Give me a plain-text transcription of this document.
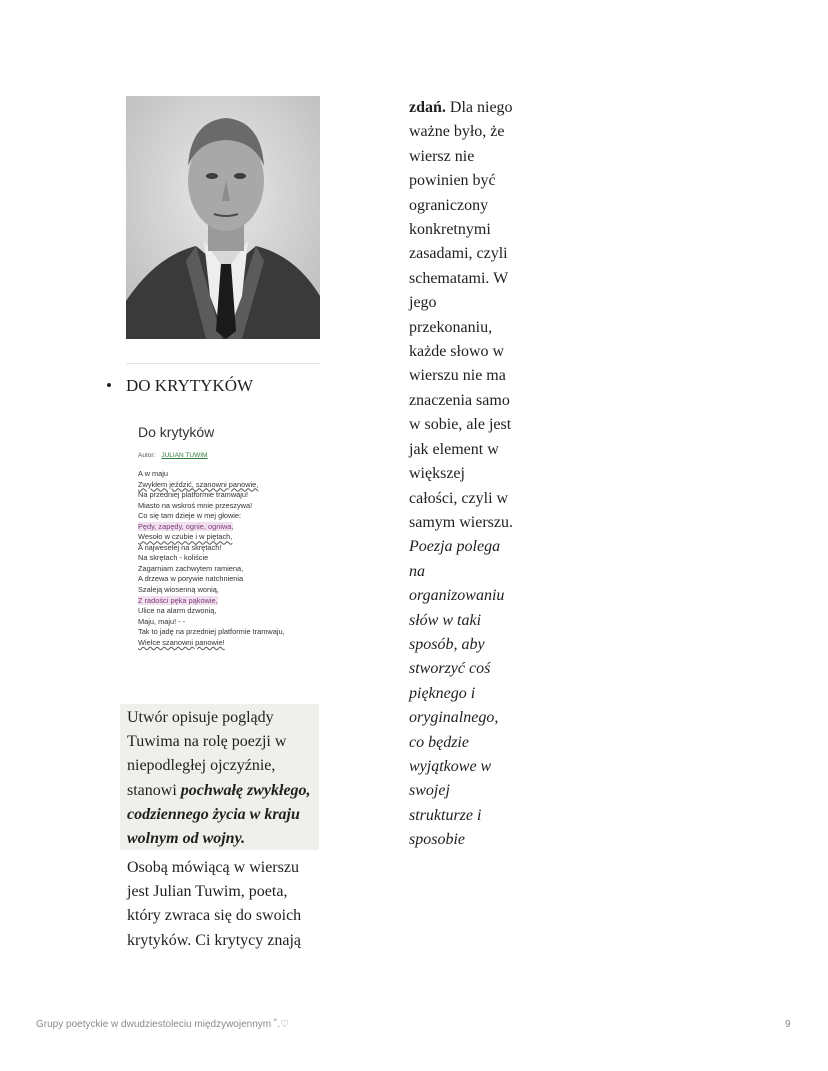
• DO KRYTYKÓW
Do krytyków
Autor: JULIAN TUWIM
A w maju
Zwykłem jeździć, szanowni panowie,
Na przedniej platformie tramwaju!
Miasto na wskroś mnie przeszywa!
Co się tam dzieje w mej głowie:
Pędy, zapędy, ognie, ogniwa,
Wesoło w czubie i w piętach,
A najweselej na skrętach!
Na skrętach - koliście
Zagarniam zachwytem ramiena,
A drzewa w porywie natchnienia
Szaleją wiosenną wonią,
Z radości pęka pąkowie,
Ulice na alarm dzwonią,
Maju, maju! - -
Tak to jadę na przedniej platformie tramwaju,
Wielce szanowni panowie!

Utwór opisuje poglądy Tuwima na rolę poezji w niepodległej ojczyźnie, stanowi pochwałę zwykłego, codziennego życia w kraju wolnym od wojny.

Osobą mówiącą w wierszu jest Julian Tuwim, poeta, który zwraca się do swoich krytyków. Ci krytycy znają

zdań. Dla niego ważne było, że wiersz nie powinien być ograniczony konkretnymi zasadami, czyli schematami. W jego przekonaniu, każde słowo w wierszu nie ma znaczenia samo w sobie, ale jest jak element w większej całości, czyli w samym wierszu.

Poezja polega na organizowaniu słów w taki sposób, aby stworzyć coś pięknego i oryginalnego, co będzie wyjątkowe w swojej strukturze i sposobie

Grupy poetyckie w dwudziestoleciu międzywojennym ˚.♡	9
